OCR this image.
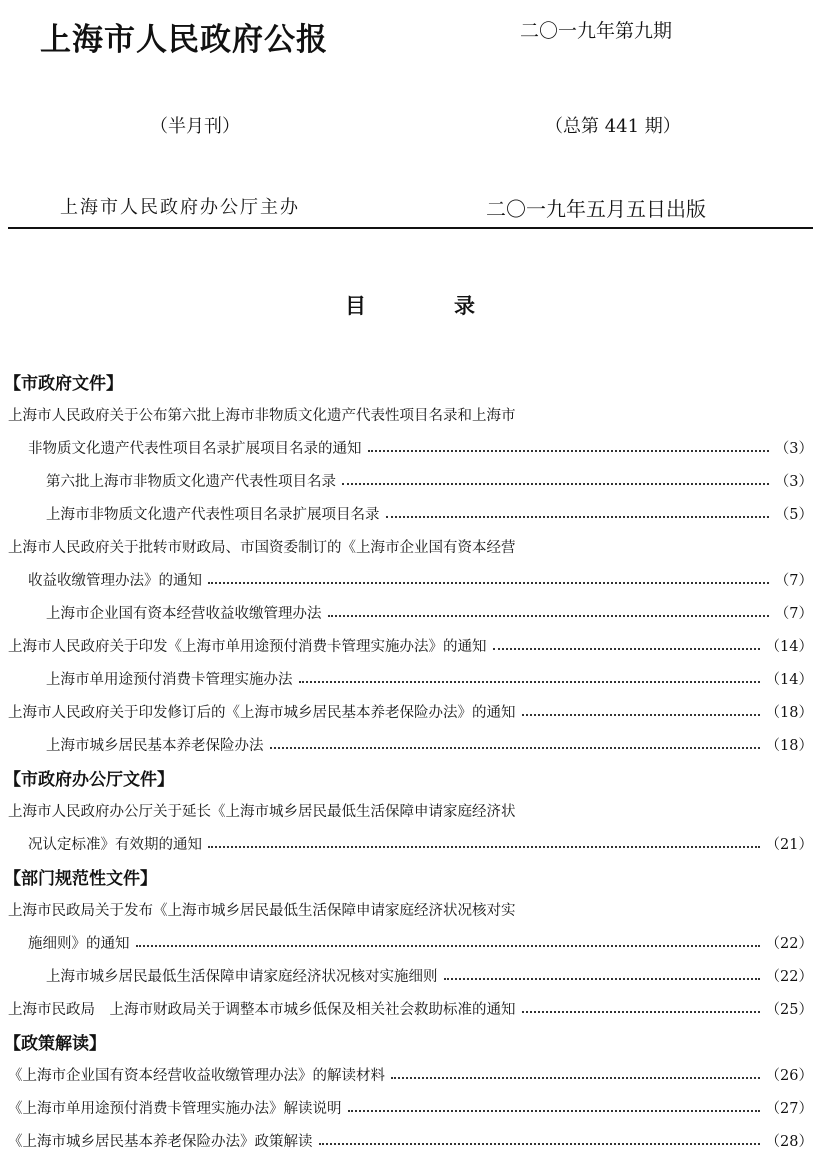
上海市人民政府公报	二〇一九年第九期
（半月刊）	（总第 441 期）
上海市人民政府办公厅主办	二〇一九年五月五日出版
目录
【市政府文件】
上海市人民政府关于公布第六批上海市非物质文化遗产代表性项目名录和上海市
非物质文化遗产代表性项目名录扩展项目名录的通知	（3）
第六批上海市非物质文化遗产代表性项目名录	（3）
上海市非物质文化遗产代表性项目名录扩展项目名录	（5）
上海市人民政府关于批转市财政局、市国资委制订的《上海市企业国有资本经营
收益收缴管理办法》的通知	（7）
上海市企业国有资本经营收益收缴管理办法	（7）
上海市人民政府关于印发《上海市单用途预付消费卡管理实施办法》的通知	（14）
上海市单用途预付消费卡管理实施办法	（14）
上海市人民政府关于印发修订后的《上海市城乡居民基本养老保险办法》的通知	（18）
上海市城乡居民基本养老保险办法	（18）
【市政府办公厅文件】
上海市人民政府办公厅关于延长《上海市城乡居民最低生活保障申请家庭经济状
况认定标准》有效期的通知	（21）
【部门规范性文件】
上海市民政局关于发布《上海市城乡居民最低生活保障申请家庭经济状况核对实
施细则》的通知	（22）
上海市城乡居民最低生活保障申请家庭经济状况核对实施细则	（22）
上海市民政局　上海市财政局关于调整本市城乡低保及相关社会救助标准的通知	（25）
【政策解读】
《上海市企业国有资本经营收益收缴管理办法》的解读材料	（26）
《上海市单用途预付消费卡管理实施办法》解读说明	（27）
《上海市城乡居民基本养老保险办法》政策解读	（28）
